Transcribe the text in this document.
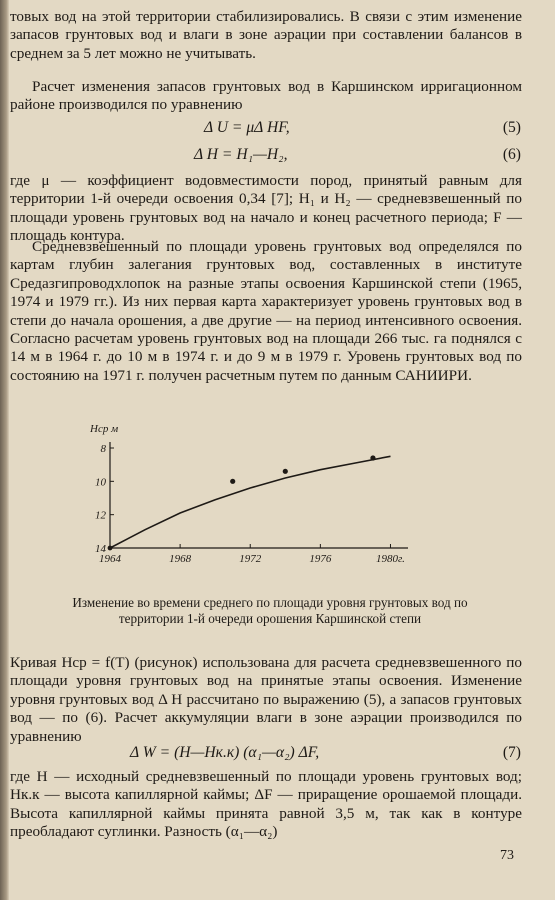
товых вод на этой территории стабилизировались. В связи с этим изменение запасов грунтовых вод и влаги в зоне аэрации при составлении балансов в среднем за 5 лет можно не учитывать.

Расчет изменения запасов грунтовых вод в Каршинском ирригационном районе производился по уравнению

Δ U = μΔ HF,	(5)
Δ H = H₁—H₂,	(6)

где μ — коэффициент водовместимости пород, принятый равным для территории 1-й очереди освоения 0,34 [7]; H₁ и H₂ — средневзвешенный по площади уровень грунтовых вод на начало и конец расчетного периода; F — площадь контура.

Средневзвешенный по площади уровень грунтовых вод определялся по картам глубин залегания грунтовых вод, составленных в институте Средазгипроводхлопок на разные этапы освоения Каршинской степи (1965, 1974 и 1979 гг.). Из них первая карта характеризует уровень грунтовых вод в степи до начала орошения, а две другие — на период интенсивного освоения. Согласно расчетам уровень грунтовых вод на площади 266 тыс. га поднялся с 14 м в 1964 г. до 10 м в 1974 г. и до 9 м в 1979 г. Уровень грунтовых вод по состоянию на 1971 г. получен расчетным путем по данным САНИИРИ.

Hср м
8
10
12
14
1964	1968	1972	1976	1980г.

Изменение во времени среднего по площади уровня грунтовых вод по территории 1-й очереди орошения Каршинской степи

Кривая Hср = f(T) (рисунок) использована для расчета средневзвешенного по площади уровня грунтовых вод на принятые этапы освоения. Изменение уровня грунтовых вод Δ H рассчитано по выражению (5), а запасов грунтовых вод — по (6). Расчет аккумуляции влаги в зоне аэрации производился по уравнению

Δ W = (H—Hк.к) (α₁—α₂) ΔF,	(7)

где H — исходный средневзвешенный по площади уровень грунтовых вод; Hк.к — высота капиллярной каймы; ΔF — приращение орошаемой площади. Высота капиллярной каймы принята равной 3,5 м, так как в контуре преобладают суглинки. Разность (α₁—α₂)

73
